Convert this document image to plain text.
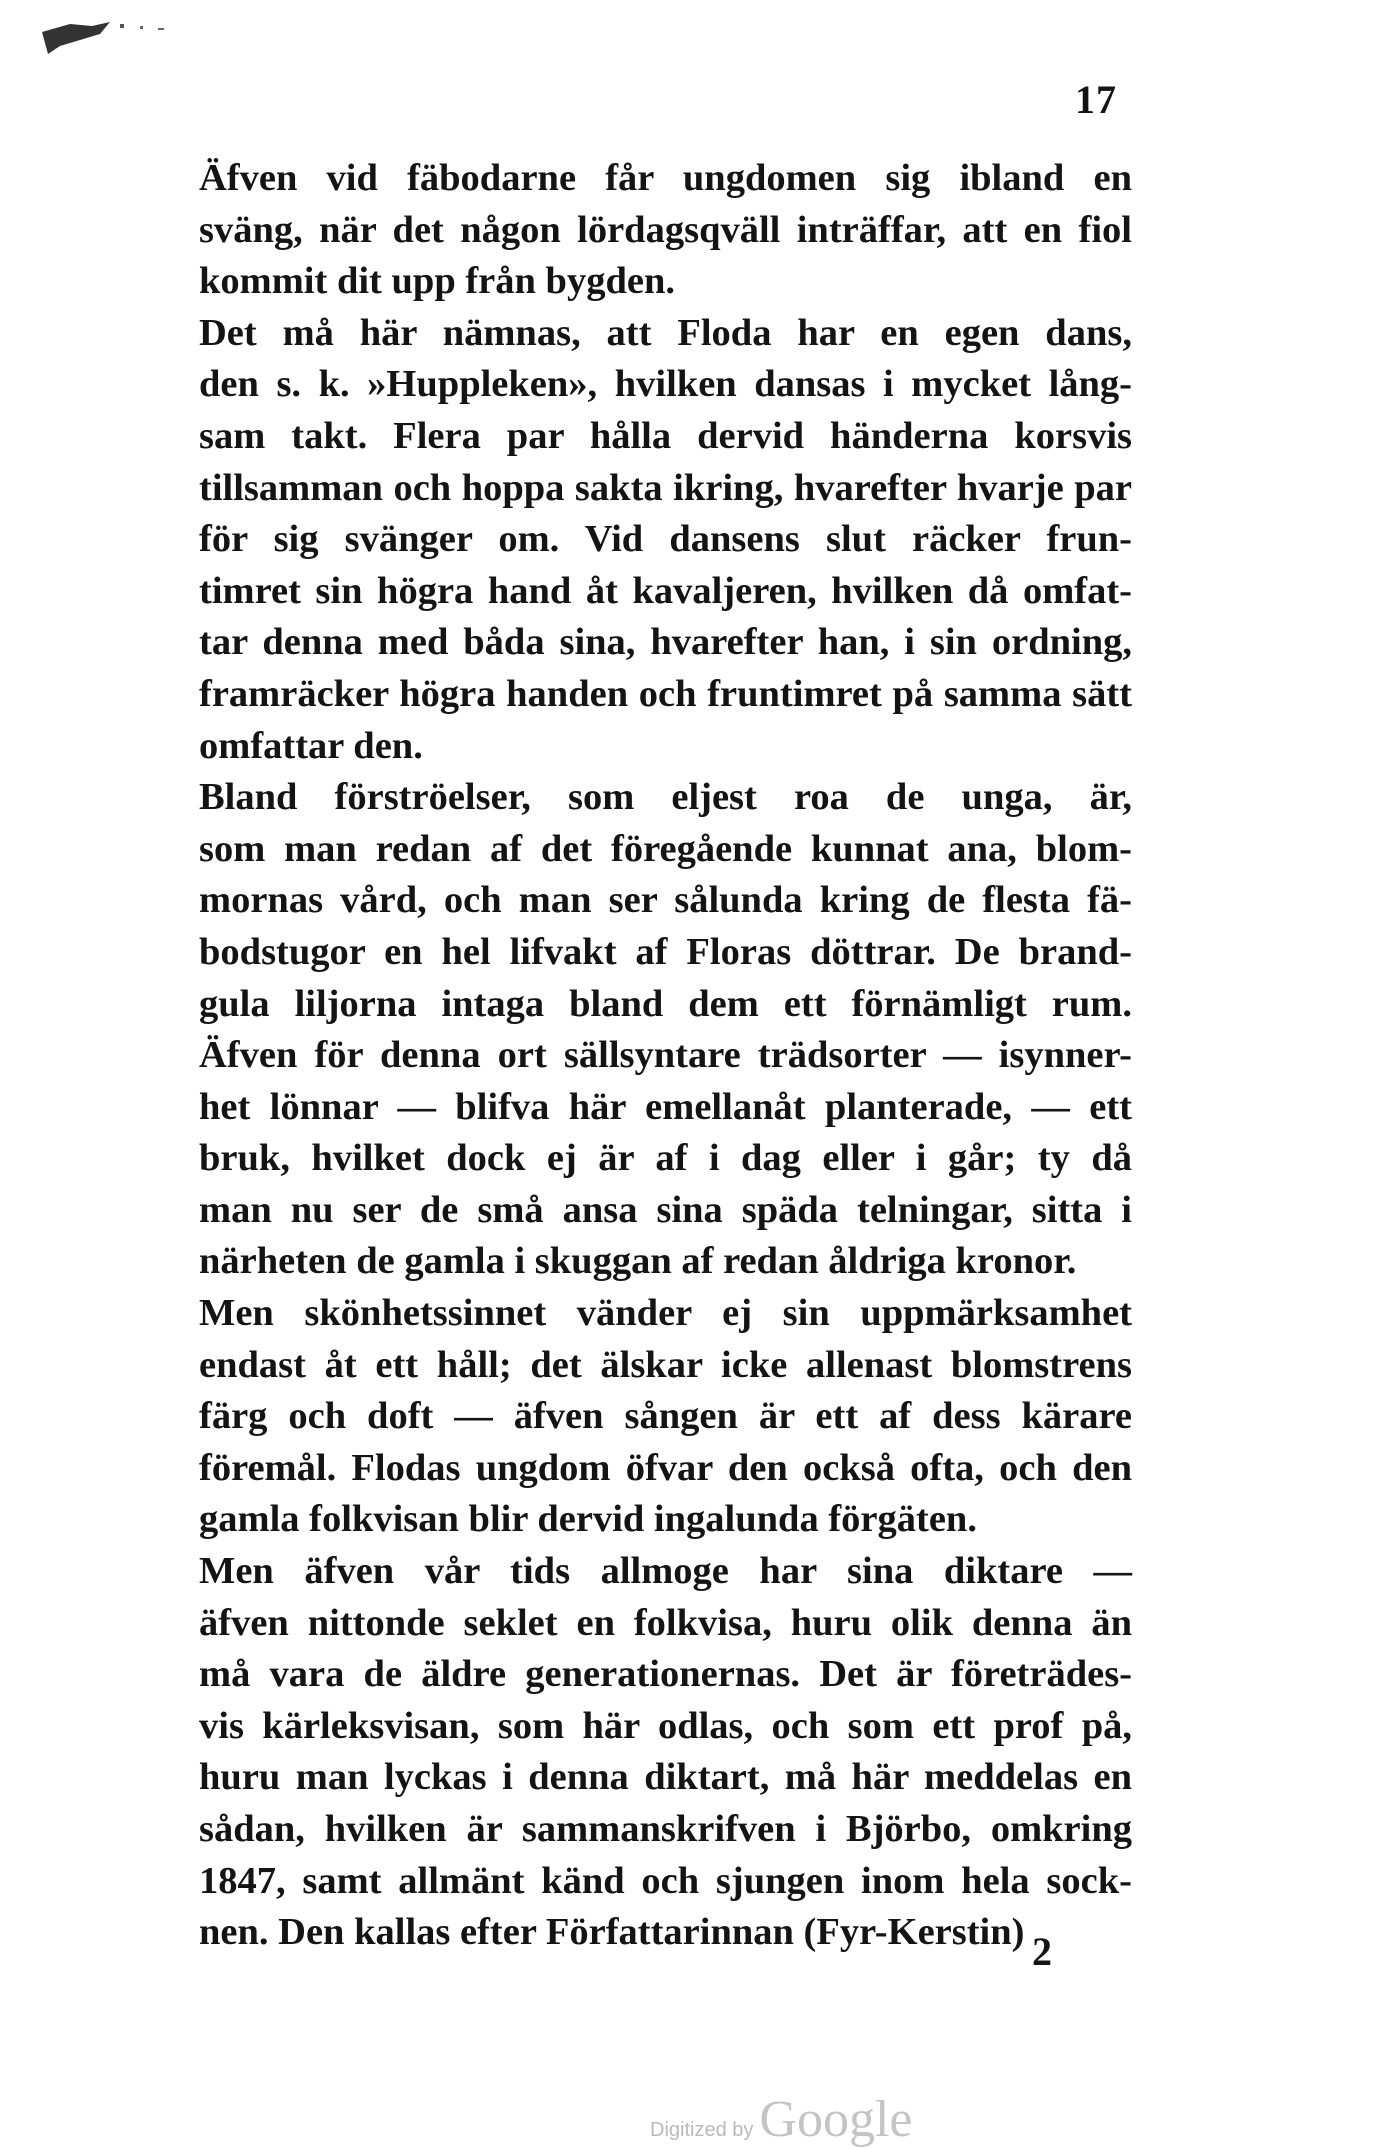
17

Äfven vid fäbodarne får ungdomen sig ibland en
sväng, när det någon lördagsqväll inträffar, att en fiol
kommit dit upp från bygden.

Det må här nämnas, att Floda har en egen dans,
den s. k. »Huppleken», hvilken dansas i mycket lång-
sam takt. Flera par hålla dervid händerna korsvis
tillsamman och hoppa sakta ikring, hvarefter hvarje par
för sig svänger om. Vid dansens slut räcker frun-
timret sin högra hand åt kavaljeren, hvilken då omfat-
tar denna med båda sina, hvarefter han, i sin ordning,
framräcker högra handen och fruntimret på samma sätt
omfattar den.

Bland förströelser, som eljest roa de unga, är,
som man redan af det föregående kunnat ana, blom-
mornas vård, och man ser sålunda kring de flesta fä-
bodstugor en hel lifvakt af Floras döttrar. De brand-
gula liljorna intaga bland dem ett förnämligt rum.
Äfven för denna ort sällsyntare trädsorter — isynner-
het lönnar — blifva här emellanåt planterade, — ett
bruk, hvilket dock ej är af i dag eller i går; ty då
man nu ser de små ansa sina späda telningar, sitta i
närheten de gamla i skuggan af redan åldriga kronor.

Men skönhetssinnet vänder ej sin uppmärksamhet
endast åt ett håll; det älskar icke allenast blomstrens
färg och doft — äfven sången är ett af dess kärare
föremål. Flodas ungdom öfvar den också ofta, och den
gamla folkvisan blir dervid ingalunda förgäten.

Men äfven vår tids allmoge har sina diktare —
äfven nittonde seklet en folkvisa, huru olik denna än
må vara de äldre generationernas. Det är företrädes-
vis kärleksvisan, som här odlas, och som ett prof på,
huru man lyckas i denna diktart, må här meddelas en
sådan, hvilken är sammanskrifven i Björbo, omkring
1847, samt allmänt känd och sjungen inom hela sock-
nen. Den kallas efter Författarinnan (Fyr-Kerstin) 2
Digitized by Google
